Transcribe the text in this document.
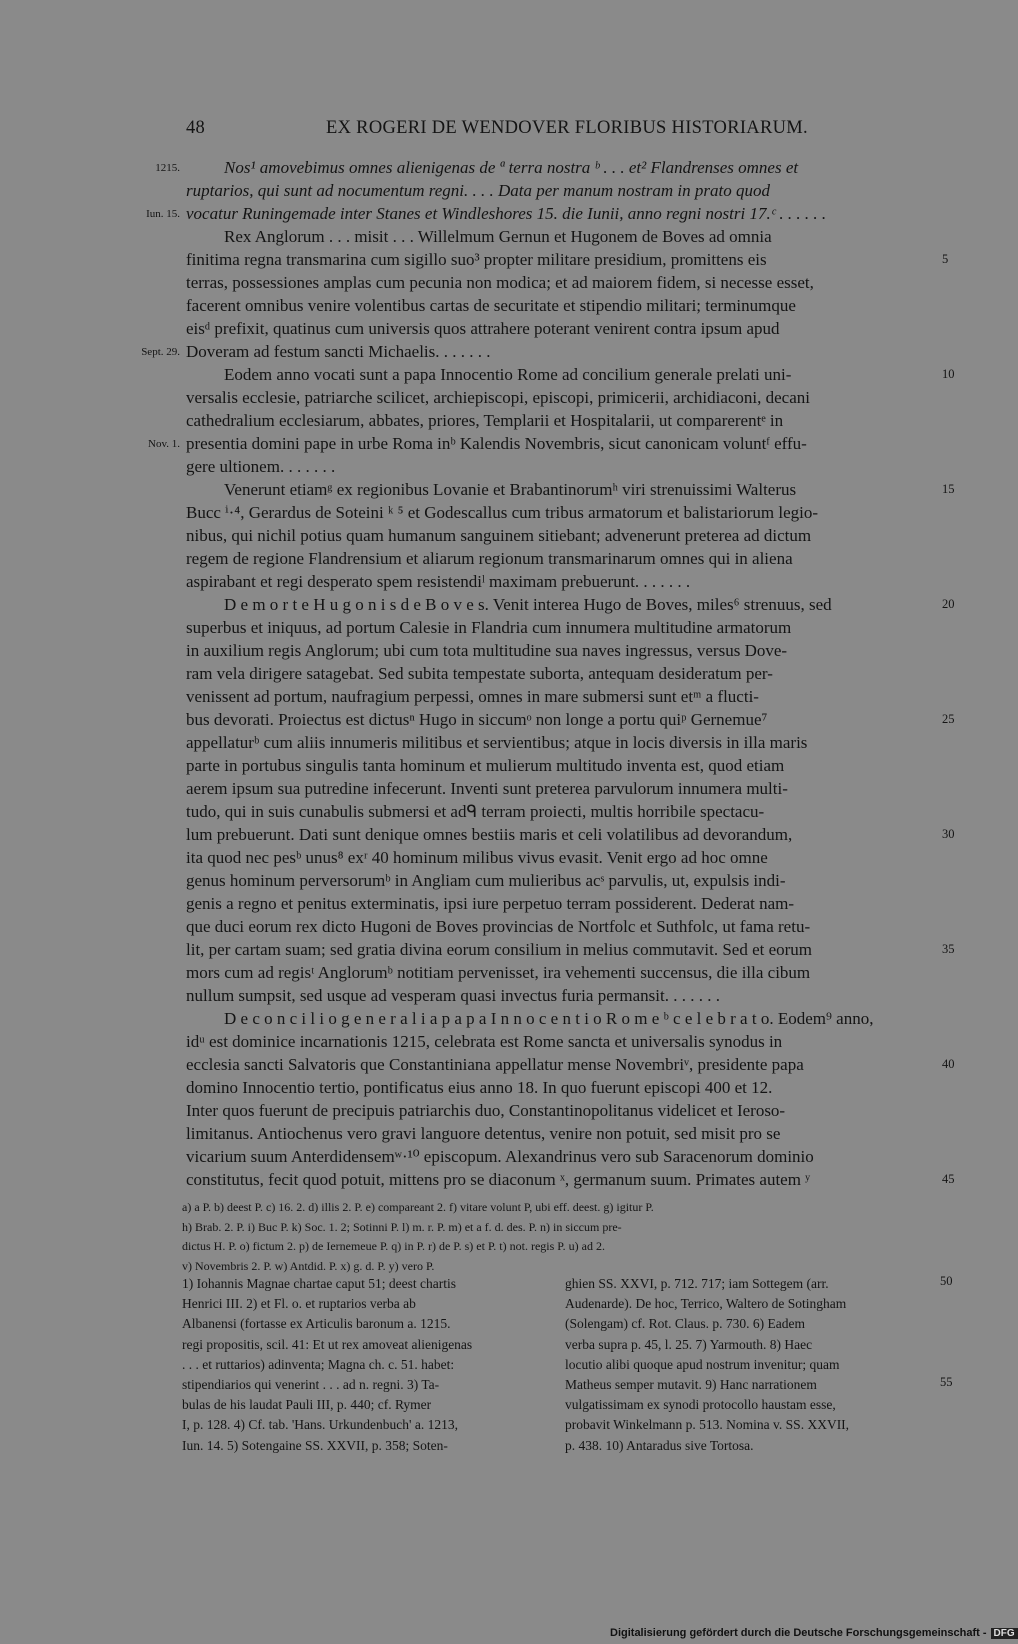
48	EX ROGERI DE WENDOVER FLORIBUS HISTORIARUM.
1215.	Nos¹ amovebimus omnes alienigenas de ª terra nostra ᵇ . . . et² Flandrenses omnes et
ruptarios, qui sunt ad nocumentum regni. . . . Data per manum nostram in prato quod
Iun. 15. vocatur Runingemade inter Stanes et Windleshores 15. die Iunii, anno regni nostri 17.ᶜ . . . . . .
Rex Anglorum . . . misit . . . Willelmum Gernun et Hugonem de Boves ad omnia
finitima regna transmarina cum sigillo suo³ propter militare presidium, promittens eis	5
terras, possessiones amplas cum pecunia non modica; et ad maiorem fidem, si necesse esset,
facerent omnibus venire volentibus cartas de securitate et stipendio militari; terminumque
eisᵈ prefixit, quatinus cum universis quos attrahere poterant venirent contra ipsum apud
Sept. 29. Doveram ad festum sancti Michaelis. . . . . . .
Eodem anno vocati sunt a papa Innocentio Rome ad concilium generale prelati uni-	10
versalis ecclesie, patriarche scilicet, archiepiscopi, episcopi, primicerii, archidiaconi, decani
cathedralium ecclesiarum, abbates, priores, Templarii et Hospitalarii, ut comparerentᵉ in
Nov. 1. presentia domini pape in urbe Roma inᵇ Kalendis Novembris, sicut canonicam voluntᶠ effu-
gere ultionem. . . . . . .
Venerunt etiamᵍ ex regionibus Lovanie et Brabantinorumʰ viri strenuissimi Walterus	15
Bucc ⁱ·⁴, Gerardus de Soteini ᵏ ⁵ et Godescallus cum tribus armatorum et balistariorum legio-
nibus, qui nichil potius quam humanum sanguinem sitiebant; advenerunt preterea ad dictum
regem de regione Flandrensium et aliarum regionum transmarinarum omnes qui in aliena
aspirabant et regi desperato spem resistendiˡ maximam prebuerunt. . . . . . .
D e m o r t e H u g o n i s d e B o v e s. Venit interea Hugo de Boves, miles⁶ strenuus, sed	20
superbus et iniquus, ad portum Calesie in Flandria cum innumera multitudine armatorum
in auxilium regis Anglorum; ubi cum tota multitudine sua naves ingressus, versus Dove-
ram vela dirigere satagebat. Sed subita tempestate suborta, antequam desideratum per-
venissent ad portum, naufragium perpessi, omnes in mare submersi sunt etᵐ a flucti-
bus devorati. Proiectus est dictusⁿ Hugo in siccumᵒ non longe a portu quiᵖ Gernemue⁷	25
appellaturᵇ cum aliis innumeris militibus et servientibus; atque in locis diversis in illa maris
parte in portubus singulis tanta hominum et mulierum multitudo inventa est, quod etiam
aerem ipsum sua putredine infecerunt. Inventi sunt preterea parvulorum innumera multi-
tudo, qui in suis cunabulis submersi et adᑫ terram proiecti, multis horribile spectacu-
lum prebuerunt. Dati sunt denique omnes bestiis maris et celi volatilibus ad devorandum,	30
ita quod nec pesᵇ unus⁸ exʳ 40 hominum milibus vivus evasit. Venit ergo ad hoc omne
genus hominum perversorumᵇ in Angliam cum mulieribus acˢ parvulis, ut, expulsis indi-
genis a regno et penitus exterminatis, ipsi iure perpetuo terram possiderent. Dederat nam-
que duci eorum rex dicto Hugoni de Boves provincias de Nortfolc et Suthfolc, ut fama retu-
lit, per cartam suam; sed gratia divina eorum consilium in melius commutavit. Sed et eorum	35
mors cum ad regisᵗ Anglorumᵇ notitiam pervenisset, ira vehementi succensus, die illa cibum
nullum sumpsit, sed usque ad vesperam quasi invectus furia permansit. . . . . . .
D e c o n c i l i o g e n e r a l i a p a p a I n n o c e n t i o R o m e ᵇ c e l e b r a t o. Eodem⁹ anno,
idᵘ est dominice incarnationis 1215, celebrata est Rome sancta et universalis synodus in
ecclesia sancti Salvatoris que Constantiniana appellatur mense Novembriᵛ, presidente papa	40
domino Innocentio tertio, pontificatus eius anno 18. In quo fuerunt episcopi 400 et 12.
Inter quos fuerunt de precipuis patriarchis duo, Constantinopolitanus videlicet et Ieroso-
limitanus. Antiochenus vero gravi languore detentus, venire non potuit, sed misit pro se
vicarium suum Anterdidensemʷ·¹⁰ episcopum. Alexandrinus vero sub Saracenorum dominio
constitutus, fecit quod potuit, mittens pro se diaconum ˣ, germanum suum. Primates autem ʸ	45
a) a P. b) deest P. c) 16. 2. d) illis 2. P. e) compareant 2. f) vitare volunt P, ubi eff. deest. g) igitur P.
h) Brab. 2. P. i) Buc P. k) Soc. 1. 2; Sotinni P. l) m. r. P. m) et a f. d. des. P. n) in siccum pre-
dictus H. P. o) fictum 2. p) de Iernemeue P. q) in P. r) de P. s) et P. t) not. regis P. u) ad 2.
v) Novembris 2. P. w) Antdid. P. x) g. d. P. y) vero P.
1) Iohannis Magnae chartae caput 51; deest chartis
Henrici III. 2) et Fl. o. et ruptarios verba ab
Albanensi (fortasse ex Articulis baronum a. 1215.
regi propositis, scil. 41: Et ut rex amoveat alienigenas
. . . et ruttarios) adinventa; Magna ch. c. 51. habet:
stipendiarios qui venerint . . . ad n. regni. 3) Ta-
bulas de his laudat Pauli III, p. 440; cf. Rymer
I, p. 128. 4) Cf. tab. 'Hans. Urkundenbuch' a. 1213,
Iun. 14. 5) Sotengaine SS. XXVII, p. 358; Soten-
ghien SS. XXVI, p. 712. 717; iam Sottegem (arr.
Audenarde). De hoc, Terrico, Waltero de Sotingham
(Solengam) cf. Rot. Claus. p. 730. 6) Eadem
verba supra p. 45, l. 25. 7) Yarmouth. 8) Haec
locutio alibi quoque apud nostrum invenitur; quam
Matheus semper mutavit. 9) Hanc narrationem
vulgatissimam ex synodi protocollo haustam esse,
probavit Winkelmann p. 513. Nomina v. SS. XXVII,
p. 438. 10) Antaradus sive Tortosa.
50
55
Digitalisierung gefördert durch die Deutsche Forschungsgemeinschaft - DFG
